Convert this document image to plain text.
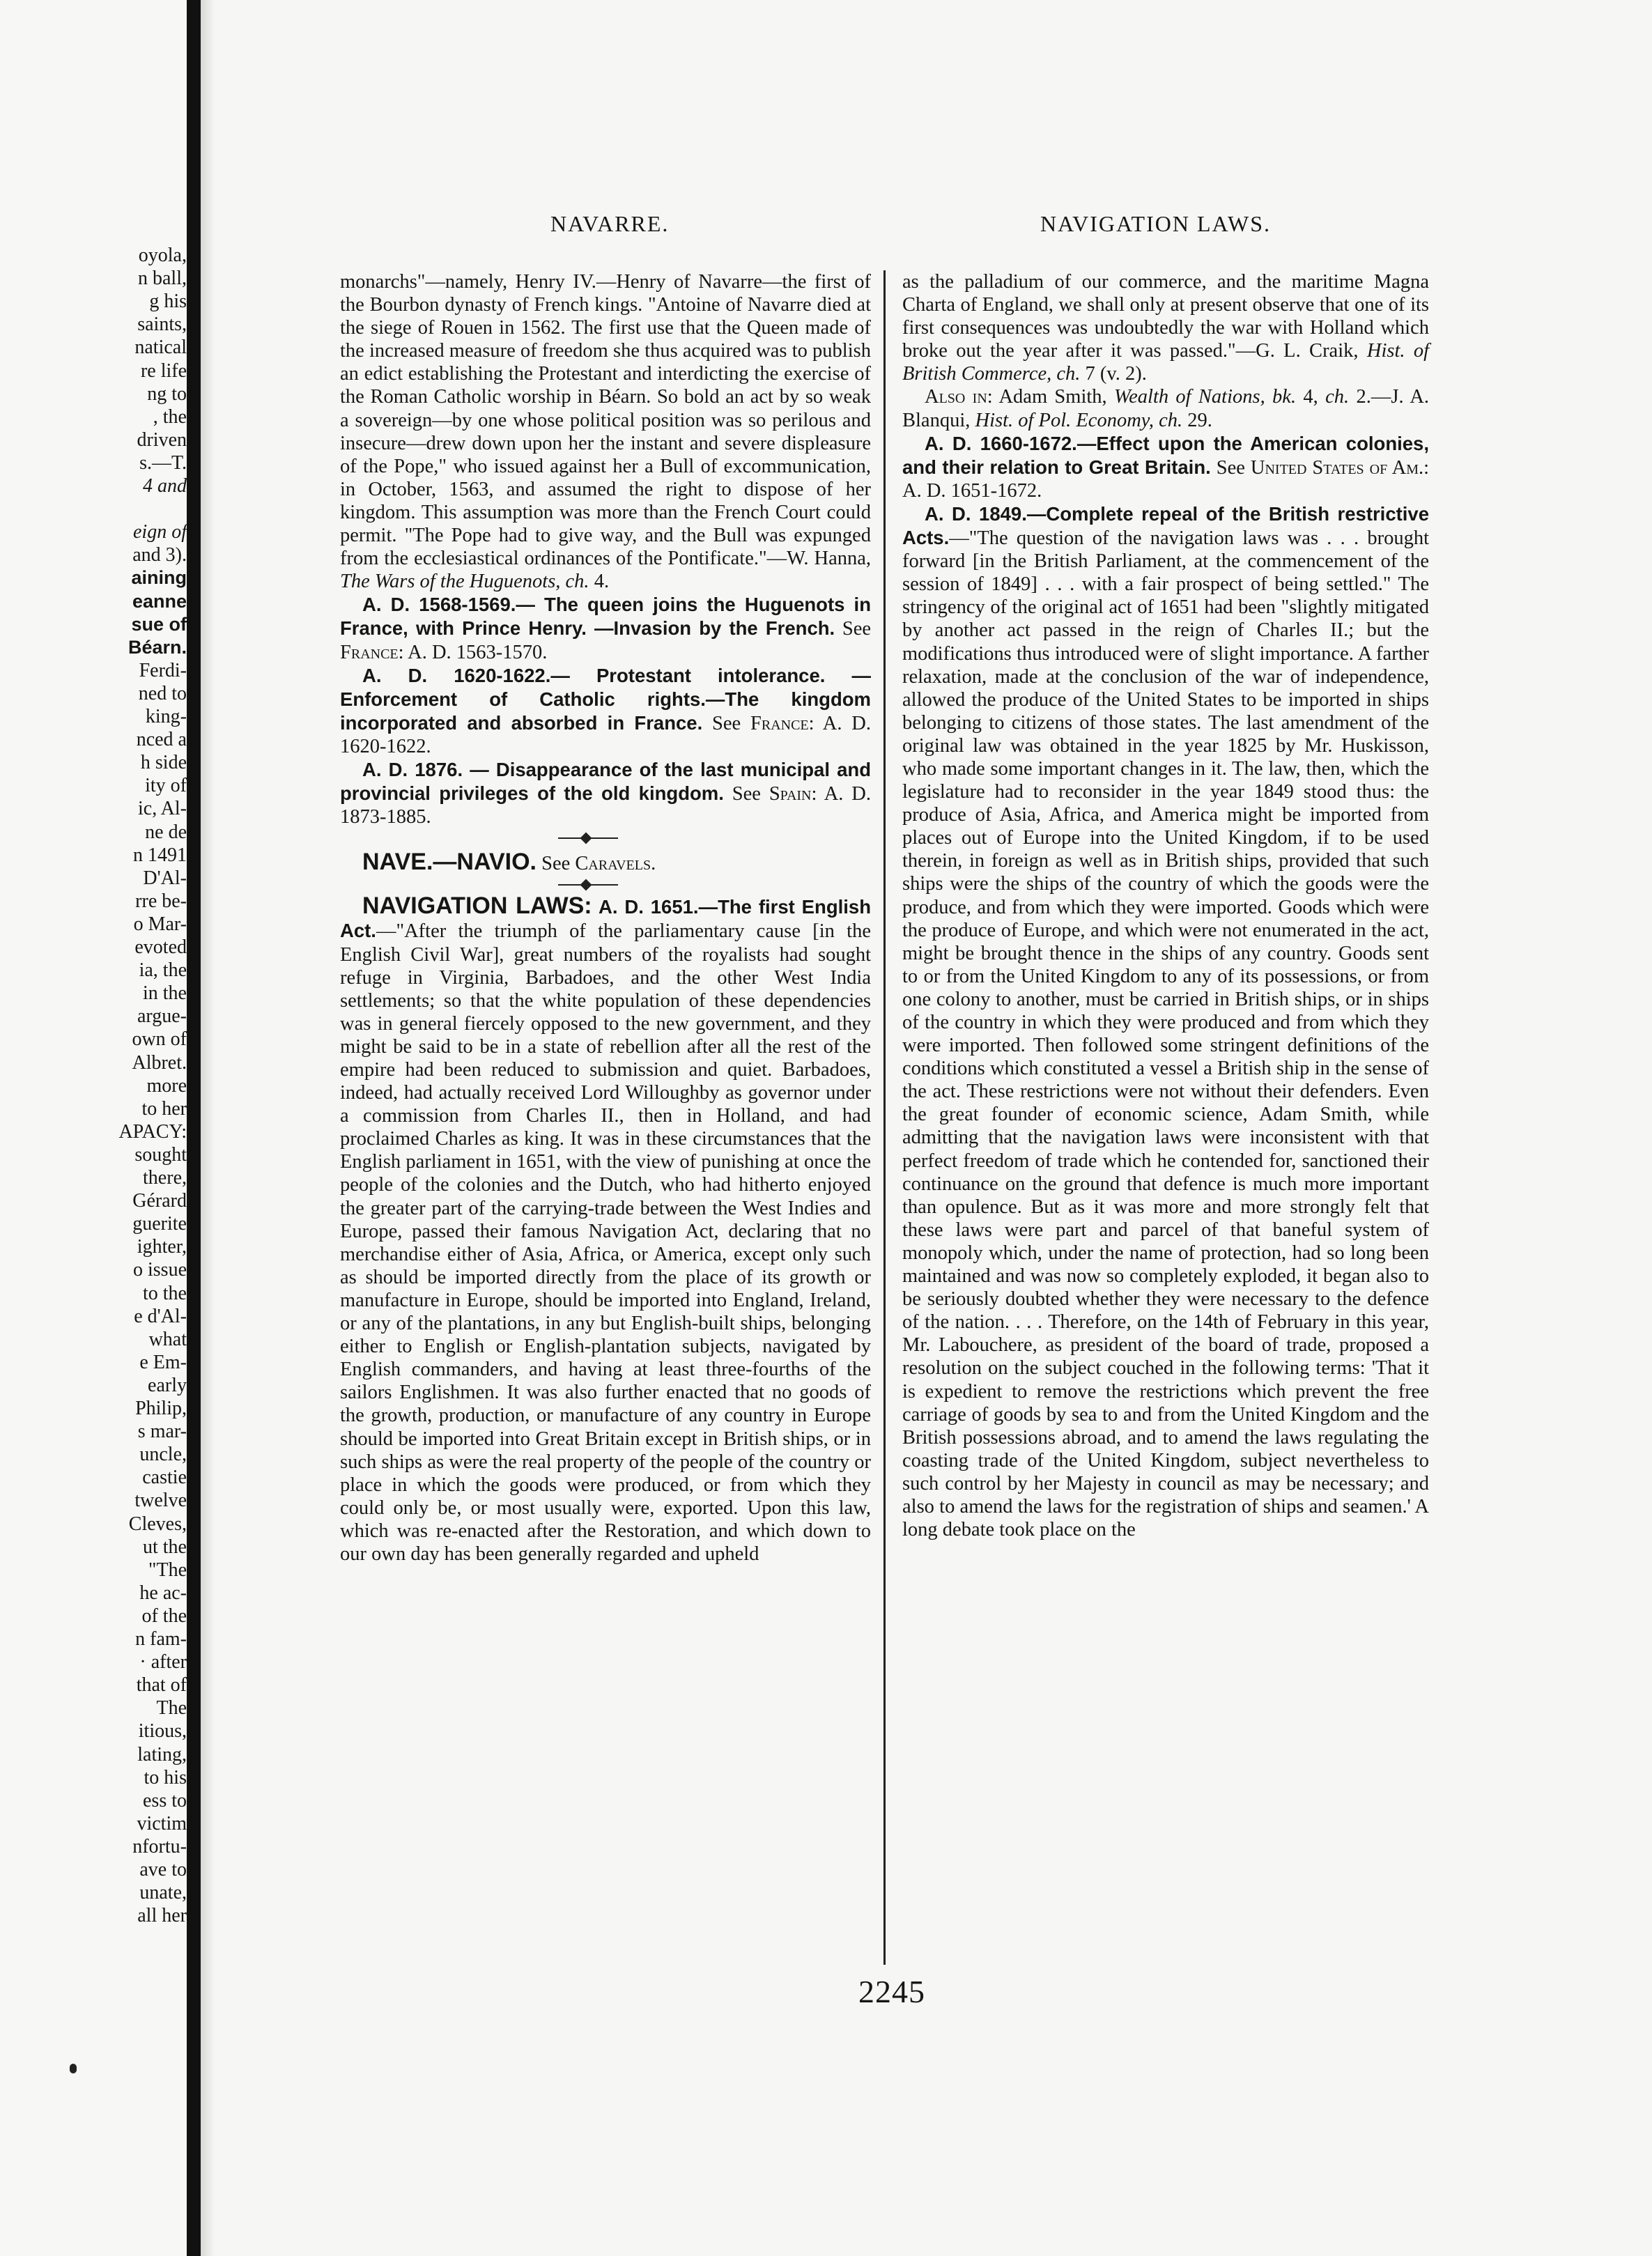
oyola,
n ball,
g his
saints,
natical
re life
ng to
, the
driven
s.—T.
4 and
eign of
and 3).
aining
eanne
sue of
Béarn.
Ferdi-
ned to
king-
nced a
h side
ity of
ic, Al-
ne de
n 1491
D'Al-
rre be-
o Mar-
evoted
ia, the
in the
argue-
own of
Albret.
more
to her
APACY:
sought
there,
Gérard
guerite
ighter,
o issue
to the
e d'Al-
what
e Em-
early
Philip,
s mar-
uncle,
castie
twelve
Cleves,
ut the
"The
he ac-
of the
n fam-
· after
that of
The
itious,
lating,
to his
ess to
victim
nfortu-
ave to
unate,
all her
NAVARRE.	NAVIGATION LAWS.

monarchs"—namely, Henry IV.—Henry of Navarre—the first of the Bourbon dynasty of French kings. "Antoine of Navarre died at the siege of Rouen in 1562. The first use that the Queen made of the increased measure of freedom she thus acquired was to publish an edict establishing the Protestant and interdicting the exercise of the Roman Catholic worship in Béarn. So bold an act by so weak a sovereign—by one whose political position was so perilous and insecure—drew down upon her the instant and severe displeasure of the Pope," who issued against her a Bull of excommunication, in October, 1563, and assumed the right to dispose of her kingdom. This assumption was more than the French Court could permit. "The Pope had to give way, and the Bull was expunged from the ecclesiastical ordinances of the Pontificate."—W. Hanna, The Wars of the Huguenots, ch. 4.

A. D. 1568-1569.— The queen joins the Huguenots in France, with Prince Henry. —Invasion by the French. See France: A. D. 1563-1570.

A. D. 1620-1622.— Protestant intolerance. —Enforcement of Catholic rights.—The kingdom incorporated and absorbed in France. See France: A. D. 1620-1622.

A. D. 1876. — Disappearance of the last municipal and provincial privileges of the old kingdom. See Spain: A. D. 1873-1885.

NAVE.—NAVIO. See Caravels.

NAVIGATION LAWS: A. D. 1651.—The first English Act.—"After the triumph of the parliamentary cause [in the English Civil War], great numbers of the royalists had sought refuge in Virginia, Barbadoes, and the other West India settlements; so that the white population of these dependencies was in general fiercely opposed to the new government, and they might be said to be in a state of rebellion after all the rest of the empire had been reduced to submission and quiet. Barbadoes, indeed, had actually received Lord Willoughby as governor under a commission from Charles II., then in Holland, and had proclaimed Charles as king. It was in these circumstances that the English parliament in 1651, with the view of punishing at once the people of the colonies and the Dutch, who had hitherto enjoyed the greater part of the carrying-trade between the West Indies and Europe, passed their famous Navigation Act, declaring that no merchandise either of Asia, Africa, or America, except only such as should be imported directly from the place of its growth or manufacture in Europe, should be imported into England, Ireland, or any of the plantations, in any but English-built ships, belonging either to English or English-plantation subjects, navigated by English commanders, and having at least three-fourths of the sailors Englishmen. It was also further enacted that no goods of the growth, production, or manufacture of any country in Europe should be imported into Great Britain except in British ships, or in such ships as were the real property of the people of the country or place in which the goods were produced, or from which they could only be, or most usually were, exported. Upon this law, which was re-enacted after the Restoration, and which down to our own day has been generally regarded and upheld

as the palladium of our commerce, and the maritime Magna Charta of England, we shall only at present observe that one of its first consequences was undoubtedly the war with Holland which broke out the year after it was passed."—G. L. Craik, Hist. of British Commerce, ch. 7 (v. 2).

Also in: Adam Smith, Wealth of Nations, bk. 4, ch. 2.—J. A. Blanqui, Hist. of Pol. Economy, ch. 29.

A. D. 1660-1672.—Effect upon the American colonies, and their relation to Great Britain. See United States of Am.: A. D. 1651-1672.

A. D. 1849.—Complete repeal of the British restrictive Acts.—"The question of the navigation laws was . . . brought forward [in the British Parliament, at the commencement of the session of 1849] . . . with a fair prospect of being settled." The stringency of the original act of 1651 had been "slightly mitigated by another act passed in the reign of Charles II.; but the modifications thus introduced were of slight importance. A farther relaxation, made at the conclusion of the war of independence, allowed the produce of the United States to be imported in ships belonging to citizens of those states. The last amendment of the original law was obtained in the year 1825 by Mr. Huskisson, who made some important changes in it. The law, then, which the legislature had to reconsider in the year 1849 stood thus: the produce of Asia, Africa, and America might be imported from places out of Europe into the United Kingdom, if to be used therein, in foreign as well as in British ships, provided that such ships were the ships of the country of which the goods were the produce, and from which they were imported. Goods which were the produce of Europe, and which were not enumerated in the act, might be brought thence in the ships of any country. Goods sent to or from the United Kingdom to any of its possessions, or from one colony to another, must be carried in British ships, or in ships of the country in which they were produced and from which they were imported. Then followed some stringent definitions of the conditions which constituted a vessel a British ship in the sense of the act. These restrictions were not without their defenders. Even the great founder of economic science, Adam Smith, while admitting that the navigation laws were inconsistent with that perfect freedom of trade which he contended for, sanctioned their continuance on the ground that defence is much more important than opulence. But as it was more and more strongly felt that these laws were part and parcel of that baneful system of monopoly which, under the name of protection, had so long been maintained and was now so completely exploded, it began also to be seriously doubted whether they were necessary to the defence of the nation. . . . Therefore, on the 14th of February in this year, Mr. Labouchere, as president of the board of trade, proposed a resolution on the subject couched in the following terms: 'That it is expedient to remove the restrictions which prevent the free carriage of goods by sea to and from the United Kingdom and the British possessions abroad, and to amend the laws regulating the coasting trade of the United Kingdom, subject nevertheless to such control by her Majesty in council as may be necessary; and also to amend the laws for the registration of ships and seamen.' A long debate took place on the

2245
